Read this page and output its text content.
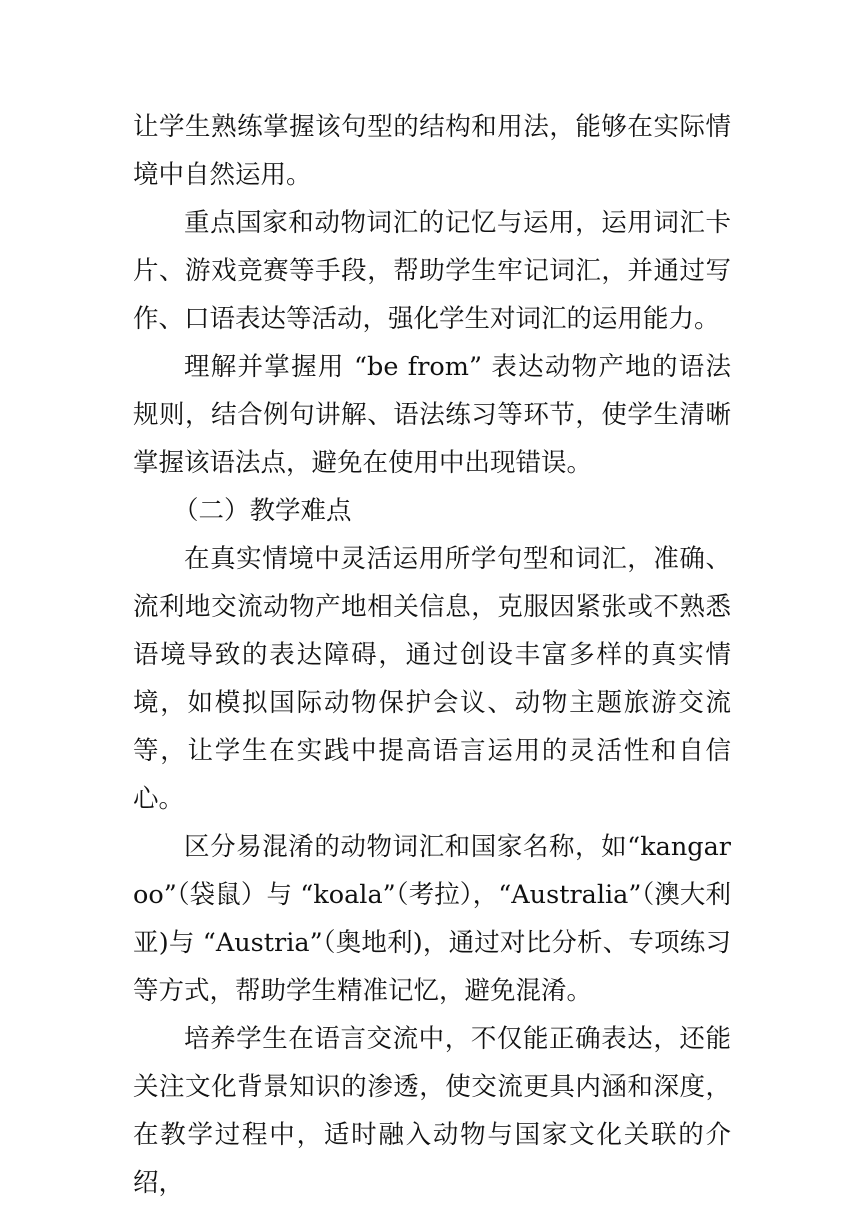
让学生熟练掌握该句型的结构和用法，能够在实际情境中自然运用。

重点国家和动物词汇的记忆与运用，运用词汇卡片、游戏竞赛等手段，帮助学生牢记词汇，并通过写作、口语表达等活动，强化学生对词汇的运用能力。

理解并掌握用 “be from” 表达动物产地的语法规则，结合例句讲解、语法练习等环节，使学生清晰掌握该语法点，避免在使用中出现错误。

（二）教学难点

在真实情境中灵活运用所学句型和词汇，准确、流利地交流动物产地相关信息，克服因紧张或不熟悉语境导致的表达障碍，通过创设丰富多样的真实情境，如模拟国际动物保护会议、动物主题旅游交流等，让学生在实践中提高语言运用的灵活性和自信心。

区分易混淆的动物词汇和国家名称，如“kangaroo”（袋鼠）与 “koala”（考拉），“Australia”（澳大利亚)与 “Austria”（奥地利)，通过对比分析、专项练习等方式，帮助学生精准记忆，避免混淆。

培养学生在语言交流中，不仅能正确表达，还能关注文化背景知识的渗透，使交流更具内涵和深度，在教学过程中，适时融入动物与国家文化关联的介绍，
